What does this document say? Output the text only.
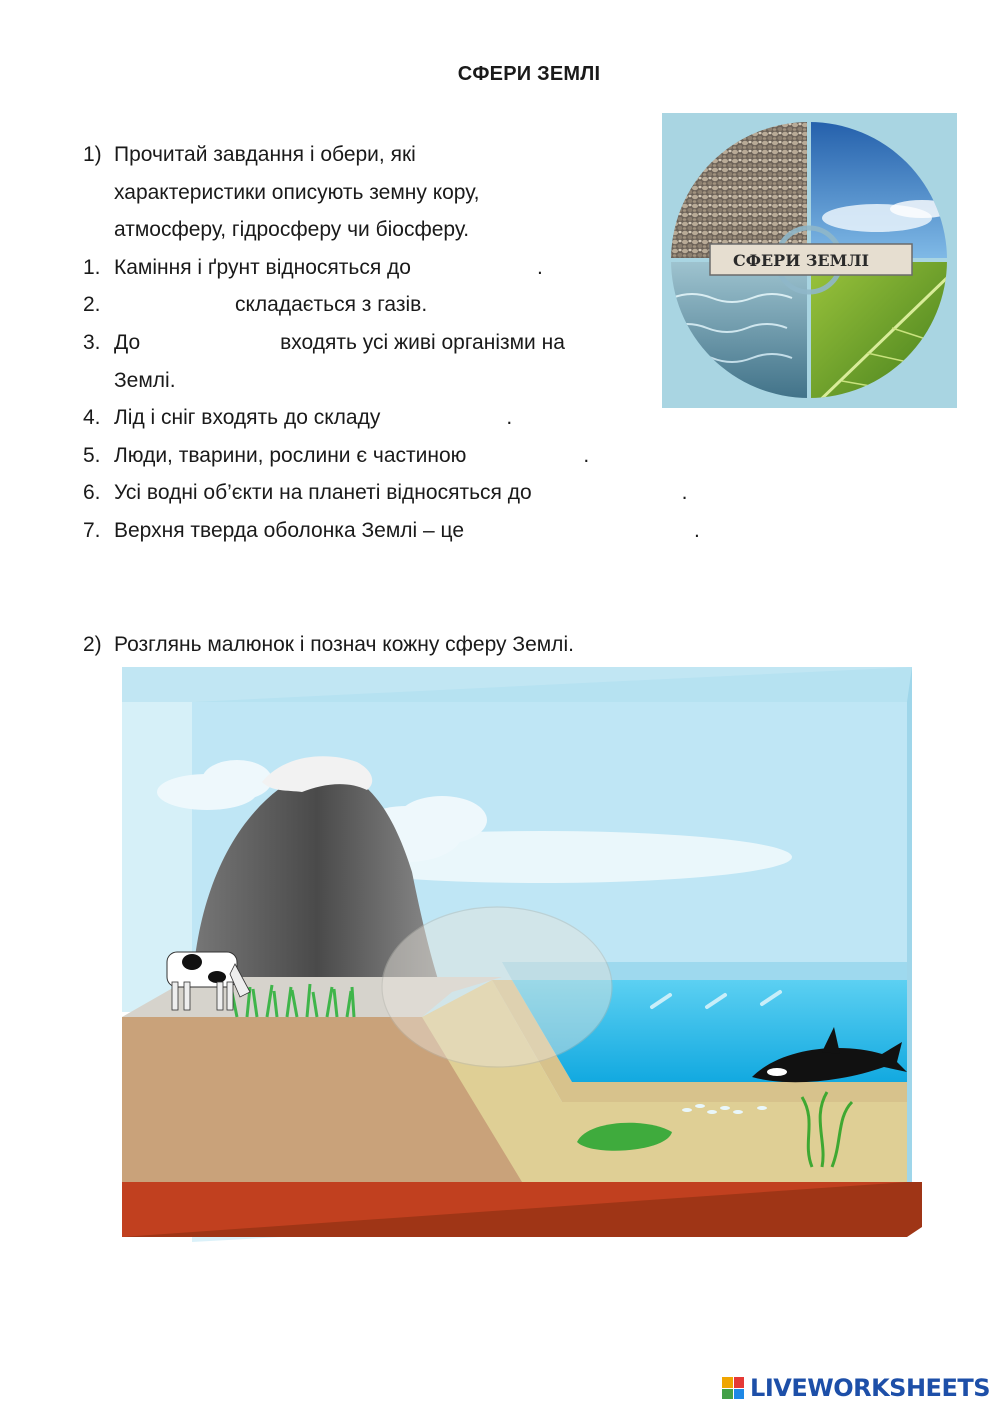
СФЕРИ ЗЕМЛІ
1) Прочитай завдання і обери, які
характеристики описують земну кору,
атмосферу, гідросферу чи біосферу.
1. Каміння і ґрунт відносяться до	.
2.	складається з газів.
3. До	входять усі живі організми на
Землі.
4. Лід і сніг входять до складу	.
5. Люди, тварини, рослини є частиною	.
6. Усі водні об’єкти на планеті відносяться до	.
7. Верхня тверда оболонка Землі – це	.
2) Розглянь малюнок і познач кожну сферу Землі.
СФЕРИ ЗЕМЛІ
LIVEWORKSHEETS
